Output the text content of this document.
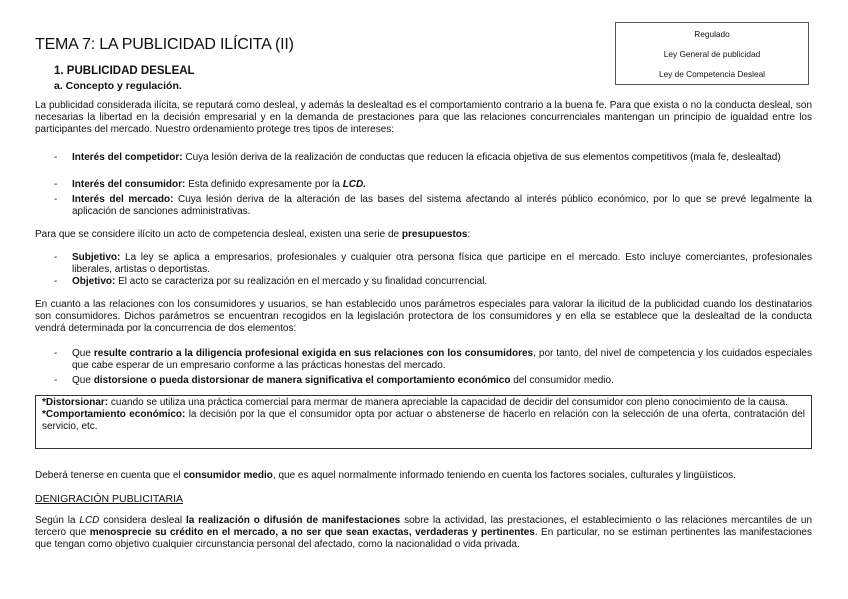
Regulado
Ley General de publicidad
Ley de Competencia Desleal
TEMA 7: LA PUBLICIDAD ILÍCITA (II)
1. PUBLICIDAD DESLEAL
a. Concepto y regulación.
La publicidad considerada ilícita, se reputará como desleal, y además la deslealtad es el comportamiento contrario a la buena fe. Para que exista o no la conducta desleal, son necesarias la libertad en la decisión empresarial y en la demanda de prestaciones para que las relaciones concurrenciales mantengan un principio de igualdad entre los participantes del mercado. Nuestro ordenamiento protege tres tipos de intereses:
- Interés del competidor: Cuya lesión deriva de la realización de conductas que reducen la eficacia objetiva de sus elementos competitivos (mala fe, deslealtad)
- Interés del consumidor: Esta definido expresamente por la LCD.
- Interés del mercado: Cuya lesión deriva de la alteración de las bases del sistema afectando al interés público económico, por lo que se prevé legalmente la aplicación de sanciones administrativas.
Para que se considere ilícito un acto de competencia desleal, existen una serie de presupuestos:
- Subjetivo: La ley se aplica a empresarios, profesionales y cualquier otra persona física que participe en el mercado. Esto incluye comerciantes, profesionales liberales, artistas o deportistas.
- Objetivo: El acto se caracteriza por su realización en el mercado y su finalidad concurrencial.
En cuanto a las relaciones con los consumidores y usuarios, se han establecido unos parámetros especiales para valorar la ilicitud de la publicidad cuando los destinatarios son consumidores. Dichos parámetros se encuentran recogidos en la legislación protectora de los consumidores y en ella se establece que la deslealtad de la conducta vendrá determinada por la concurrencia de dos elementos:
- Que resulte contrario a la diligencia profesional exigida en sus relaciones con los consumidores, por tanto, del nivel de competencia y los cuidados especiales que cabe esperar de un empresario conforme a las prácticas honestas del mercado.
- Que distorsione o pueda distorsionar de manera significativa el comportamiento económico del consumidor medio.
*Distorsionar: cuando se utiliza una práctica comercial para mermar de manera apreciable la capacidad de decidir del consumidor con pleno conocimiento de la causa.
*Comportamiento económico: la decisión por la que el consumidor opta por actuar o abstenerse de hacerlo en relación con la selección de una oferta, contratación del servicio, etc.
Deberá tenerse en cuenta que el consumidor medio, que es aquel normalmente informado teniendo en cuenta los factores sociales, culturales y lingüísticos.
DENIGRACIÓN PUBLICITARIA
Según la LCD considera desleal la realización o difusión de manifestaciones sobre la actividad, las prestaciones, el establecimiento o las relaciones mercantiles de un tercero que menosprecie su crédito en el mercado, a no ser que sean exactas, verdaderas y pertinentes. En particular, no se estiman pertinentes las manifestaciones que tengan como objetivo cualquier circunstancia personal del afectado, como la nacionalidad o vida privada.
